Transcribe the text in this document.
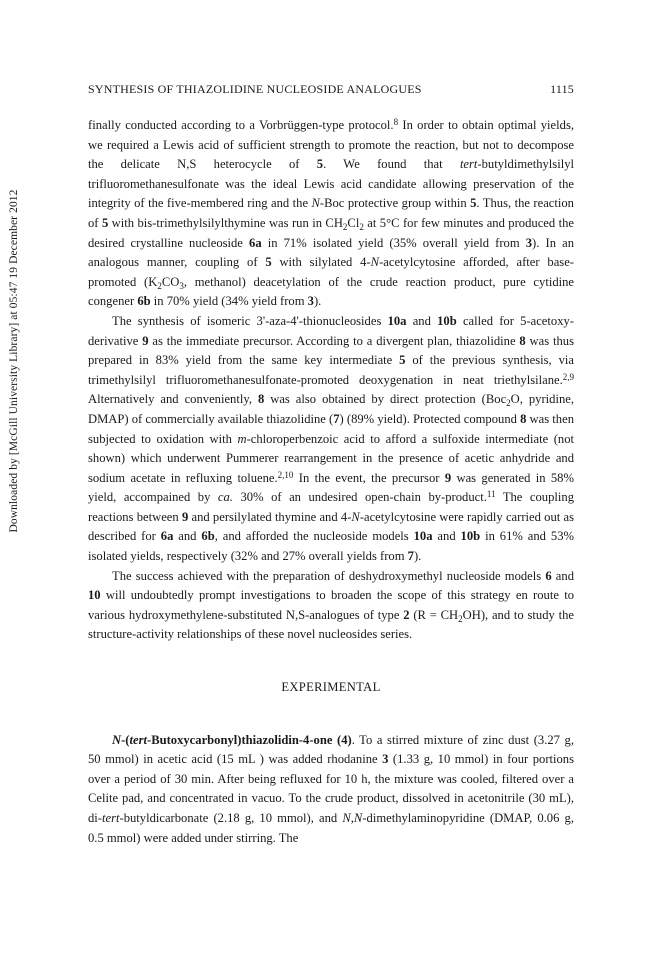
Downloaded by [McGill University Library] at 05:47 19 December 2012
SYNTHESIS OF THIAZOLIDINE NUCLEOSIDE ANALOGUES	1115

finally conducted according to a Vorbrüggen-type protocol.$^8$ In order to obtain optimal yields, we required a Lewis acid of sufficient strength to promote the reaction, but not to decompose the delicate N,S heterocycle of 5. We found that tert-butyldimethylsilyl trifluoromethanesulfonate was the ideal Lewis acid candidate allowing preservation of the integrity of the five-membered ring and the N-Boc protective group within 5. Thus, the reaction of 5 with bis-trimethylsilylthymine was run in $CH_2Cl_2$ at 5°C for few minutes and produced the desired crystalline nucleoside 6a in 71% isolated yield (35% overall yield from 3). In an analogous manner, coupling of 5 with silylated 4-N-acetylcytosine afforded, after base-promoted ($K_2CO_3$, methanol) deacetylation of the crude reaction product, pure cytidine congener 6b in 70% yield (34% yield from 3).

The synthesis of isomeric 3'-aza-4'-thionucleosides 10a and 10b called for 5-acetoxy-derivative 9 as the immediate precursor. According to a divergent plan, thiazolidine 8 was thus prepared in 83% yield from the same key intermediate 5 of the previous synthesis, via trimethylsilyl trifluoromethanesulfonate-promoted deoxygenation in neat triethylsilane.$^{2,9}$ Alternatively and conveniently, 8 was also obtained by direct protection (Boc$_2$O, pyridine, DMAP) of commercially available thiazolidine (7) (89% yield). Protected compound 8 was then subjected to oxidation with m-chloroperbenzoic acid to afford a sulfoxide intermediate (not shown) which underwent Pummerer rearrangement in the presence of acetic anhydride and sodium acetate in refluxing toluene.$^{2,10}$ In the event, the precursor 9 was generated in 58% yield, accompained by ca. 30% of an undesired open-chain by-product.$^{11}$ The coupling reactions between 9 and persilylated thymine and 4-N-acetylcytosine were rapidly carried out as described for 6a and 6b, and afforded the nucleoside models 10a and 10b in 61% and 53% isolated yields, respectively (32% and 27% overall yields from 7).

The success achieved with the preparation of deshydroxymethyl nucleoside models 6 and 10 will undoubtedly prompt investigations to broaden the scope of this strategy en route to various hydroxymethylene-substituted N,S-analogues of type 2 $(R = CH_2OH)$, and to study the structure-activity relationships of these novel nucleosides series.

EXPERIMENTAL

N-(tert-Butoxycarbonyl)thiazolidin-4-one (4). To a stirred mixture of zinc dust (3.27 g, 50 mmol) in acetic acid (15 mL ) was added rhodanine 3 (1.33 g, 10 mmol) in four portions over a period of 30 min. After being refluxed for 10 h, the mixture was cooled, filtered over a Celite pad, and concentrated in vacuo. To the crude product, dissolved in acetonitrile (30 mL), di-tert-butyldicarbonate (2.18 g, 10 mmol), and N,N-dimethylaminopyridine (DMAP, 0.06 g, 0.5 mmol) were added under stirring. The
